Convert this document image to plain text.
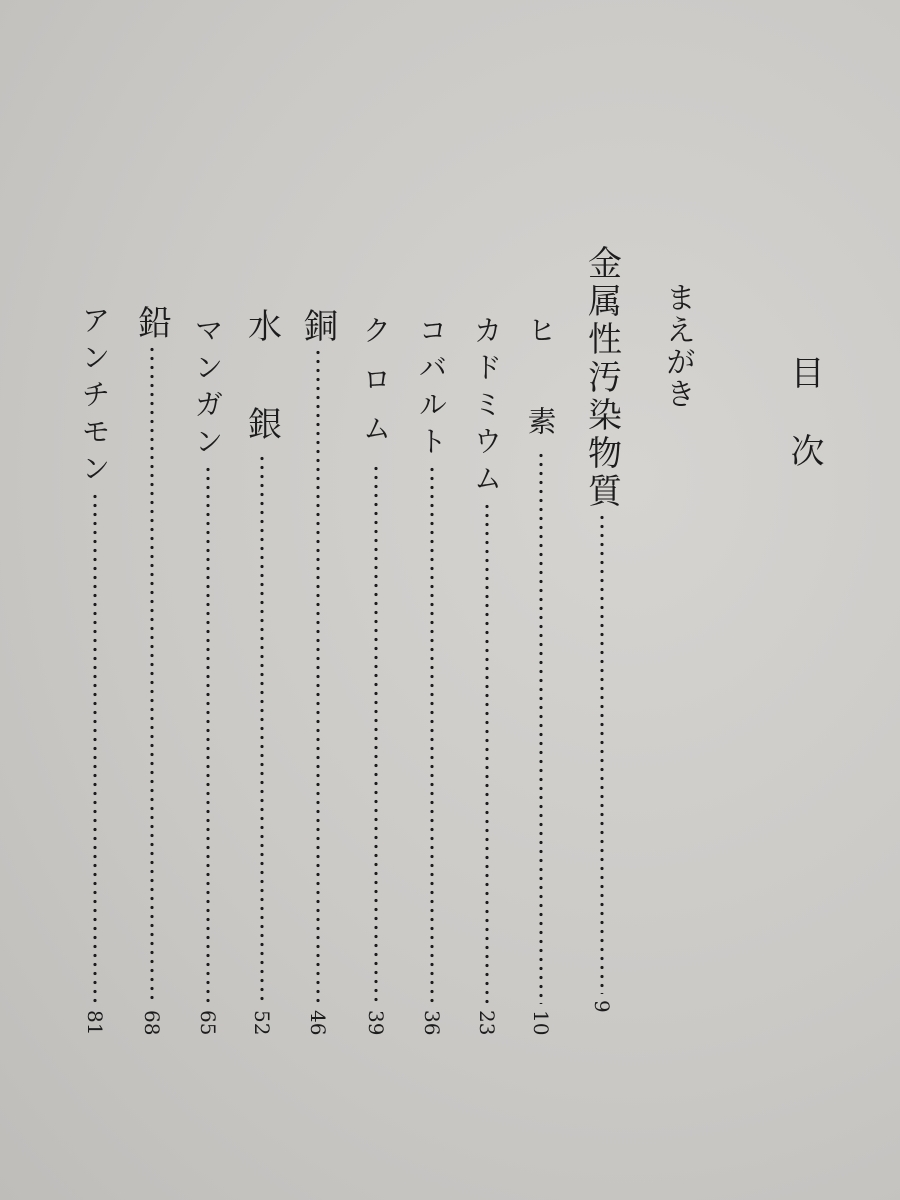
目次
まえがき
金属性汚染物質
9
ヒ 素
10
カドミウム
23
コバルト
36
クロム
39
銅
46
水 銀
52
マンガン
65
鉛
68
アンチモン
81
